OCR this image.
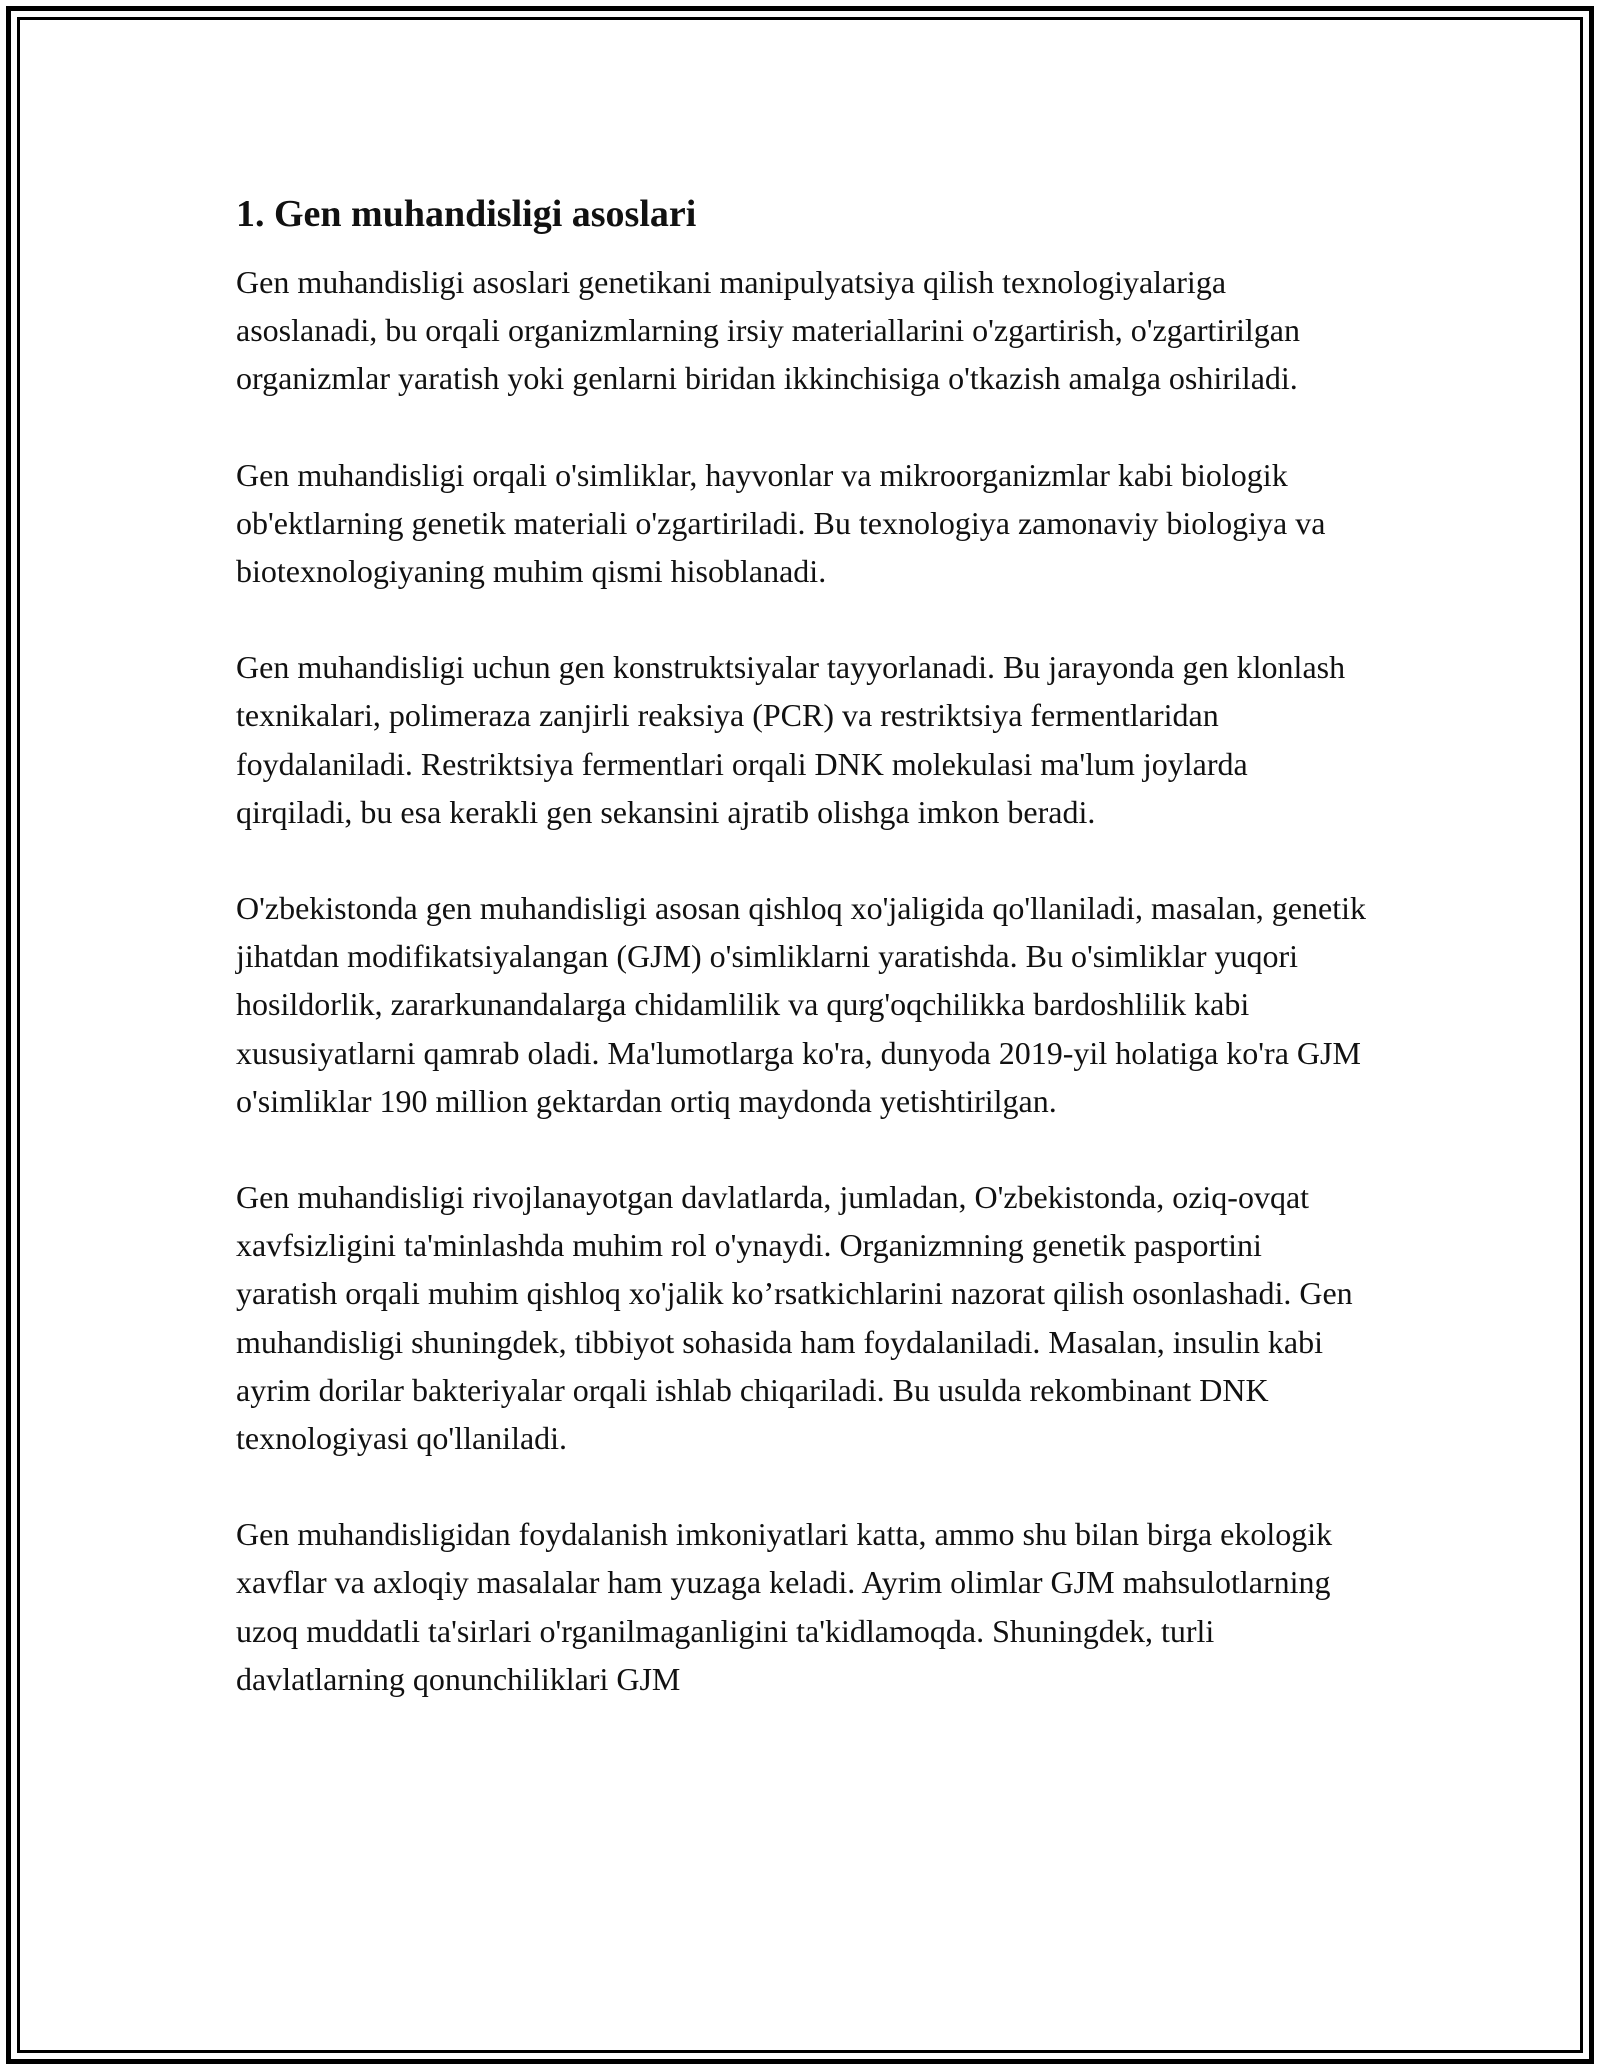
1. Gen muhandisligi asoslari

Gen muhandisligi asoslari genetikani manipulyatsiya qilish texnologiyalariga asoslanadi, bu orqali organizmlarning irsiy materiallarini o'zgartirish, o'zgartirilgan organizmlar yaratish yoki genlarni biridan ikkinchisiga o'tkazish amalga oshiriladi.

Gen muhandisligi orqali o'simliklar, hayvonlar va mikroorganizmlar kabi biologik ob'ektlarning genetik materiali o'zgartiriladi. Bu texnologiya zamonaviy biologiya va biotexnologiyaning muhim qismi hisoblanadi.

Gen muhandisligi uchun gen konstruktsiyalar tayyorlanadi. Bu jarayonda gen klonlash texnikalari, polimeraza zanjirli reaksiya (PCR) va restriktsiya fermentlaridan foydalaniladi. Restriktsiya fermentlari orqali DNK molekulasi ma'lum joylarda qirqiladi, bu esa kerakli gen sekansini ajratib olishga imkon beradi.

O'zbekistonda gen muhandisligi asosan qishloq xo'jaligida qo'llaniladi, masalan, genetik jihatdan modifikatsiyalangan (GJM) o'simliklarni yaratishda. Bu o'simliklar yuqori hosildorlik, zararkunandalarga chidamlilik va qurg'oqchilikka bardoshlilik kabi xususiyatlarni qamrab oladi. Ma'lumotlarga ko'ra, dunyoda 2019-yil holatiga ko'ra GJM o'simliklar 190 million gektardan ortiq maydonda yetishtirilgan.

Gen muhandisligi rivojlanayotgan davlatlarda, jumladan, O'zbekistonda, oziq-ovqat xavfsizligini ta'minlashda muhim rol o'ynaydi. Organizmning genetik pasportini yaratish orqali muhim qishloq xo'jalik ko’rsatkichlarini nazorat qilish osonlashadi. Gen muhandisligi shuningdek, tibbiyot sohasida ham foydalaniladi. Masalan, insulin kabi ayrim dorilar bakteriyalar orqali ishlab chiqariladi. Bu usulda rekombinant DNK texnologiyasi qo'llaniladi.

Gen muhandisligidan foydalanish imkoniyatlari katta, ammo shu bilan birga ekologik xavflar va axloqiy masalalar ham yuzaga keladi. Ayrim olimlar GJM mahsulotlarning uzoq muddatli ta'sirlari o'rganilmaganligini ta'kidlamoqda. Shuningdek, turli davlatlarning qonunchiliklari GJM
